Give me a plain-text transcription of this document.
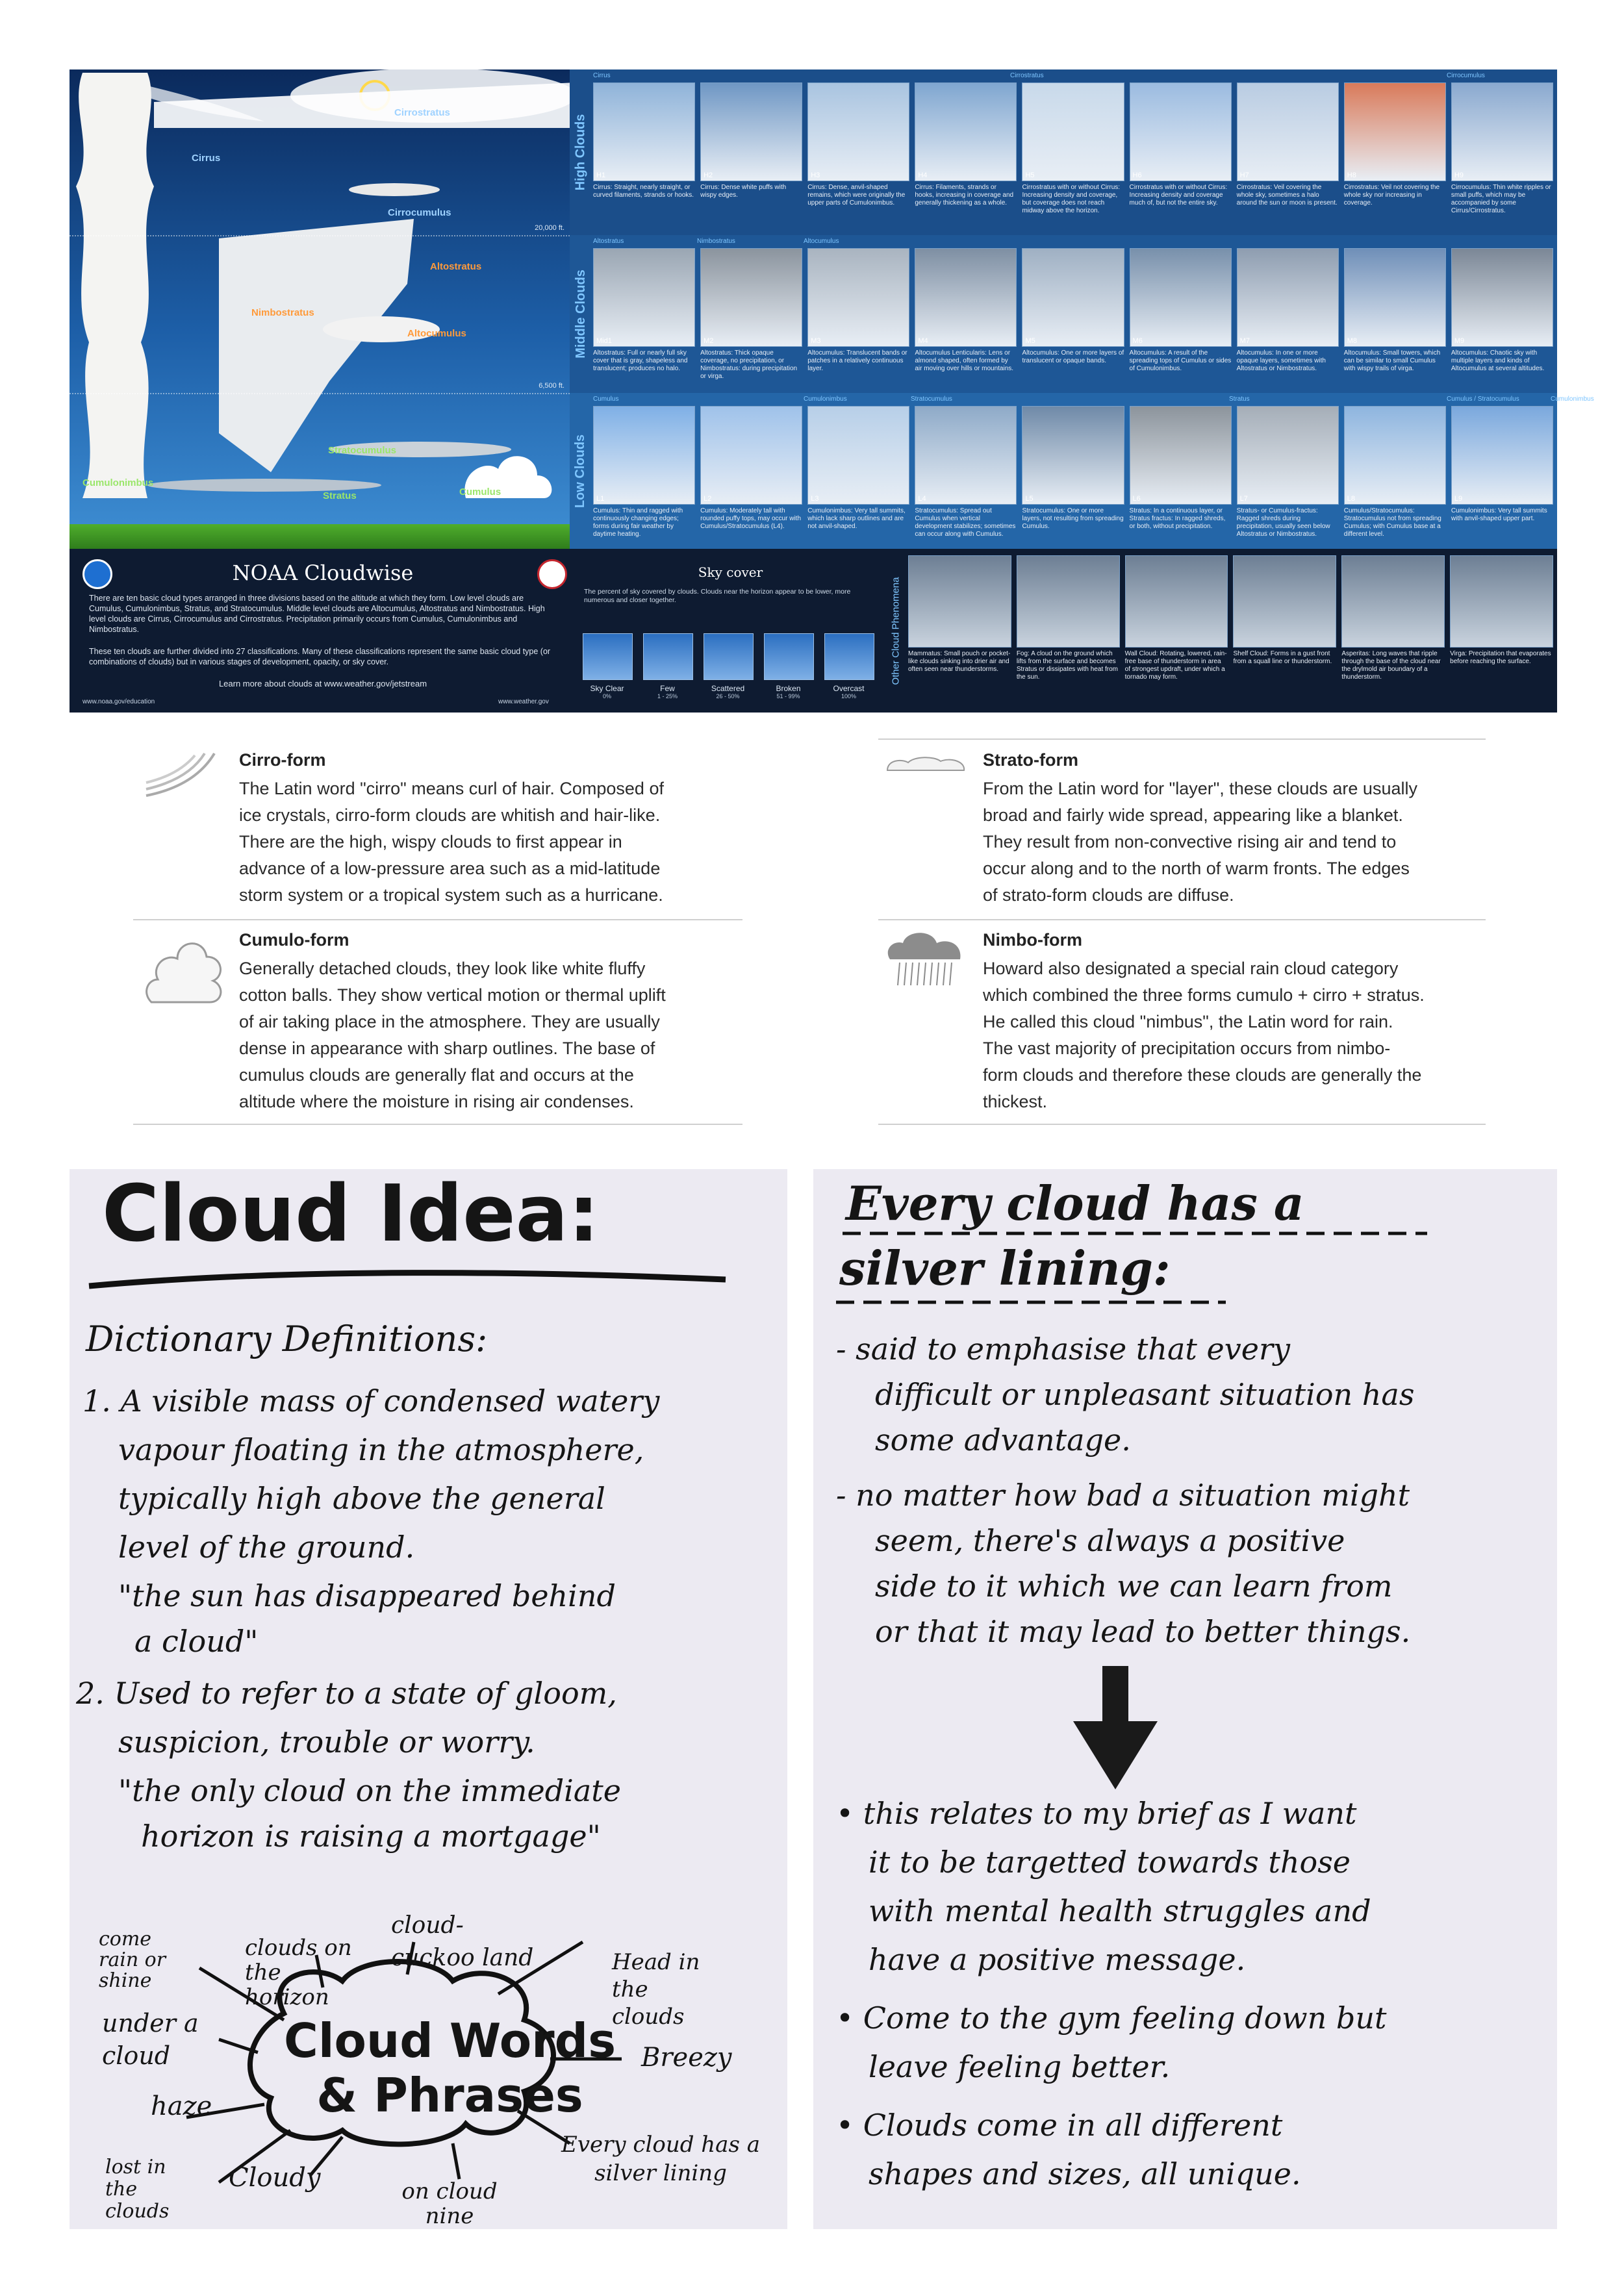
20,000 ft.
6,500 ft.
Cirrus
Cirrostratus
Cirrocumulus
Altostratus
Nimbostratus
Altocumulus
Stratocumulus
Cumulonimbus
Cumulus
Stratus
High Clouds
Cirrus	Cirrostratus	Cirrocumulus
H1
Cirrus: Straight, nearly straight, or curved filaments, strands or hooks.
H2
Cirrus: Dense white puffs with wispy edges.
H3
Cirrus: Dense, anvil-shaped remains, which were originally the upper parts of Cumulonimbus.
H4
Cirrus: Filaments, strands or hooks, increasing in coverage and generally thickening as a whole.
H5
Cirrostratus with or without Cirrus: Increasing density and coverage, but coverage does not reach midway above the horizon.
H6
Cirrostratus with or without Cirrus: Increasing density and coverage much of, but not the entire sky.
H7
Cirrostratus: Veil covering the whole sky, sometimes a halo around the sun or moon is present.
H8
Cirrostratus: Veil not covering the whole sky nor increasing in coverage.
H9
Cirrocumulus: Thin white ripples or small puffs, which may be accompanied by some Cirrus/Cirrostratus.
Middle Clouds
Altostratus	Nimbostratus	Altocumulus
Mid1
Altostratus: Full or nearly full sky cover that is gray, shapeless and translucent; produces no halo.
M2
Altostratus: Thick opaque coverage, no precipitation, or Nimbostratus: during precipitation or virga.
M3
Altocumulus: Translucent bands or patches in a relatively continuous layer.
M4
Altocumulus Lenticularis: Lens or almond shaped, often formed by air moving over hills or mountains.
M5
Altocumulus: One or more layers of translucent or opaque bands.
M6
Altocumulus: A result of the spreading tops of Cumulus or sides of Cumulonimbus.
M7
Altocumulus: In one or more opaque layers, sometimes with Altostratus or Nimbostratus.
M8
Altocumulus: Small towers, which can be similar to small Cumulus with wispy trails of virga.
M9
Altocumulus: Chaotic sky with multiple layers and kinds of Altocumulus at several altitudes.
Low Clouds
Cumulus	Cumulonimbus	Stratocumulus	Stratus	Cumulus / Stratocumulus	Cumulonimbus
L1
Cumulus: Thin and ragged with continuously changing edges; forms during fair weather by daytime heating.
L2
Cumulus: Moderately tall with rounded puffy tops, may occur with Cumulus/Stratocumulus (L4).
L3
Cumulonimbus: Very tall summits, which lack sharp outlines and are not anvil-shaped.
L4
Stratocumulus: Spread out Cumulus when vertical development stabilizes; sometimes can occur along with Cumulus.
L5
Stratocumulus: One or more layers, not resulting from spreading Cumulus.
L6
Stratus: In a continuous layer, or Stratus fractus: In ragged shreds, or both, without precipitation.
L7
Stratus- or Cumulus-fractus: Ragged shreds during precipitation, usually seen below Altostratus or Nimbostratus.
L8
Cumulus/Stratocumulus: Stratocumulus not from spreading Cumulus; with Cumulus base at a different level.
L9
Cumulonimbus: Very tall summits with anvil-shaped upper part.
NOAA Cloudwise
There are ten basic cloud types arranged in three divisions based on the altitude at which they form. Low level clouds are Cumulus, Cumulonimbus, Stratus, and Stratocumulus. Middle level clouds are Altocumulus, Altostratus and Nimbostratus. High level clouds are Cirrus, Cirrocumulus and Cirrostratus. Precipitation primarily occurs from Cumulus, Cumulonimbus and Nimbostratus.
These ten clouds are further divided into 27 classifications. Many of these classifications represent the same basic cloud type (or combinations of clouds) but in various stages of development, opacity, or sky cover.
Learn more about clouds at www.weather.gov/jetstream
www.noaa.gov/education	www.weather.gov
Sky cover
The percent of sky covered by clouds. Clouds near the horizon appear to be lower, more numerous and closer together.
Sky Clear
0%
Few
1 - 25%
Scattered
26 - 50%
Broken
51 - 99%
Overcast
100%
Other Cloud Phenomena Mammatus: Small pouch or pocket-like clouds sinking into drier air and often seen near thunderstorms.
Fog: A cloud on the ground which lifts from the surface and becomes Stratus or dissipates with heat from the sun.
Wall Cloud: Rotating, lowered, rain-free base of thunderstorm in area of strongest updraft, under which a tornado may form.
Shelf Cloud: Forms in a gust front from a squall line or thunderstorm.
Asperitas: Long waves that ripple through the base of the cloud near the drylmold air boundary of a thunderstorm.
Virga: Precipitation that evaporates before reaching the surface.
Cirro-form

The Latin word "cirro" means curl of hair. Composed of
ice crystals, cirro-form clouds are whitish and hair-like.
There are the high, wispy clouds to first appear in
advance of a low-pressure area such as a mid-latitude
storm system or a tropical system such as a hurricane.

Strato-form

From the Latin word for "layer", these clouds are usually
broad and fairly wide spread, appearing like a blanket.
They result from non-convective rising air and tend to
occur along and to the north of warm fronts. The edges
of strato-form clouds are diffuse.

Cumulo-form

Generally detached clouds, they look like white fluffy
cotton balls. They show vertical motion or thermal uplift
of air taking place in the atmosphere. They are usually
dense in appearance with sharp outlines. The base of
cumulus clouds are generally flat and occurs at the
altitude where the moisture in rising air condenses.

Nimbo-form

Howard also designated a special rain cloud category
which combined the three forms cumulo + cirro + stratus.
He called this cloud "nimbus", the Latin word for rain.
The vast majority of precipitation occurs from nimbo-
form clouds and therefore these clouds are generally the
thickest.

Cloud Idea:
Dictionary Definitions:
1. A visible mass of condensed watery
vapour floating in the atmosphere,
typically high above the general
level of the ground.
"the sun has disappeared behind
a cloud"
2. Used to refer to a state of gloom,
suspicion, trouble or worry.
"the only cloud on the immediate
horizon is raising a mortgage"
Cloud Words
& Phrases
come rain or shine
clouds on the horizon
cloud-cuckoo land	Head in the clouds
under a cloud	Breezy
haze
Every cloud has a silver lining
lost in the clouds
Cloudy	on cloud nine
Every cloud has a
silver lining:
- said to emphasise that every
difficult or unpleasant situation has
some advantage.
- no matter how bad a situation might
seem, there's always a positive
side to it which we can learn from
or that it may lead to better things.
• this relates to my brief as I want
it to be targetted towards those
with mental health struggles and
have a positive message.
• Come to the gym feeling down but
leave feeling better.
• Clouds come in all different
shapes and sizes, all unique.
